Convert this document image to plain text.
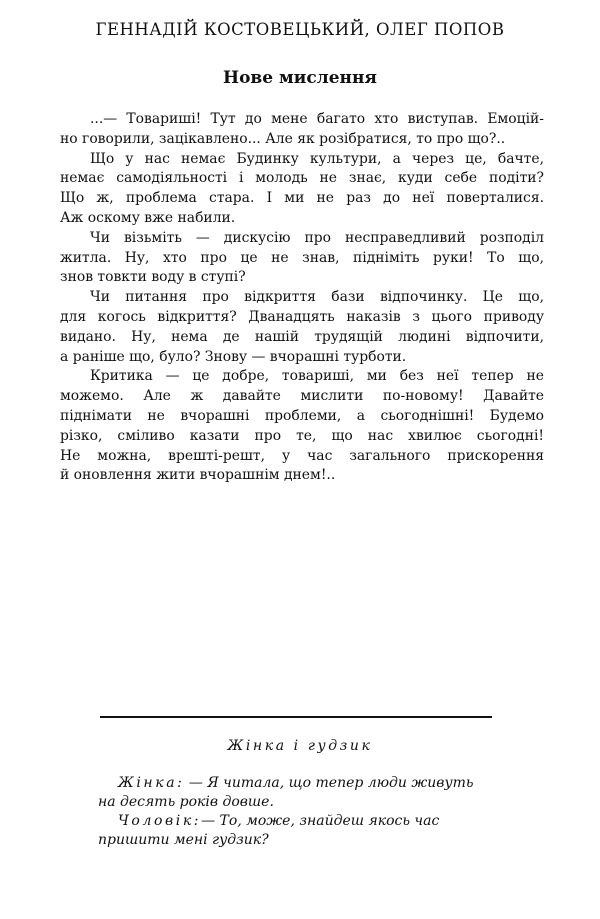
ГЕННАДІЙ КОСТОВЕЦЬКИЙ, ОЛЕГ ПОПОВ
Нове мислення

...— Товариші! Тут до мене багато хто виступав. Емоцій-
но говорили, зацікавлено... Але як розібратися, то про що?..

Що у нас немає Будинку культури, а через це, бачте,
немає самодіяльності і молодь не знає, куди себе подіти?
Що ж, проблема стара. І ми не раз до неї поверталися.
Аж оскому вже набили.

Чи візьміть — дискусію про несправедливий розподіл
житла. Ну, хто про це не знав, підніміть руки! То що,
знов товкти воду в ступі?

Чи питання про відкриття бази відпочинку. Це що,
для когось відкриття? Дванадцять наказів з цього приводу
видано. Ну, нема де нашій трудящій людині відпочити,
а раніше що, було? Знову — вчорашні турботи.

Критика — це добре, товариші, ми без неї тепер не
можемо. Але ж давайте мислити по-новому! Давайте
піднімати не вчорашні проблеми, а сьогоднішні! Будемо
різко, сміливо казати про те, що нас хвилює сьогодні!
Не можна, врешті-решт, у час загального прискорення
й оновлення жити вчорашнім днем!..

Жінка і гудзик
Жінка: — Я читала, що тепер люди живуть
на десять років довше.
Чоловік:— То, може, знайдеш якось час
пришити мені гудзик?
